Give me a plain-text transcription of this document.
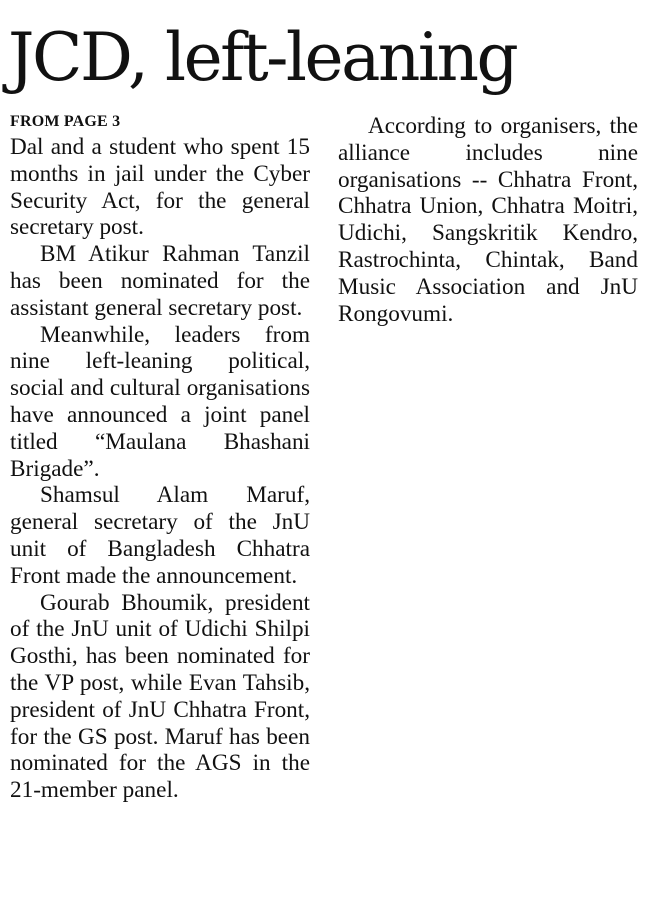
JCD, left-leaning
FROM PAGE 3

Dal and a student who spent 15 months in jail under the Cyber Security Act, for the general secretary post.

BM Atikur Rahman Tanzil has been nominated for the assistant general secretary post.

Meanwhile, leaders from nine left-leaning political, social and cultural organisations have announced a joint panel titled “Maulana Bhashani Brigade”.

Shamsul Alam Maruf, general secretary of the JnU unit of Bangladesh Chhatra Front made the announcement.

Gourab Bhoumik, president of the JnU unit of Udichi Shilpi Gosthi, has been nominated for the VP post, while Evan Tahsib, president of JnU Chhatra Front, for the GS post. Maruf has been nominated for the AGS in the 21-member panel.

According to organisers, the alliance includes nine organisations -- Chhatra Front, Chhatra Union, Chhatra Moitri, Udichi, Sangskritik Kendro, Rastrochinta, Chintak, Band Music Association and JnU Rongovumi.
